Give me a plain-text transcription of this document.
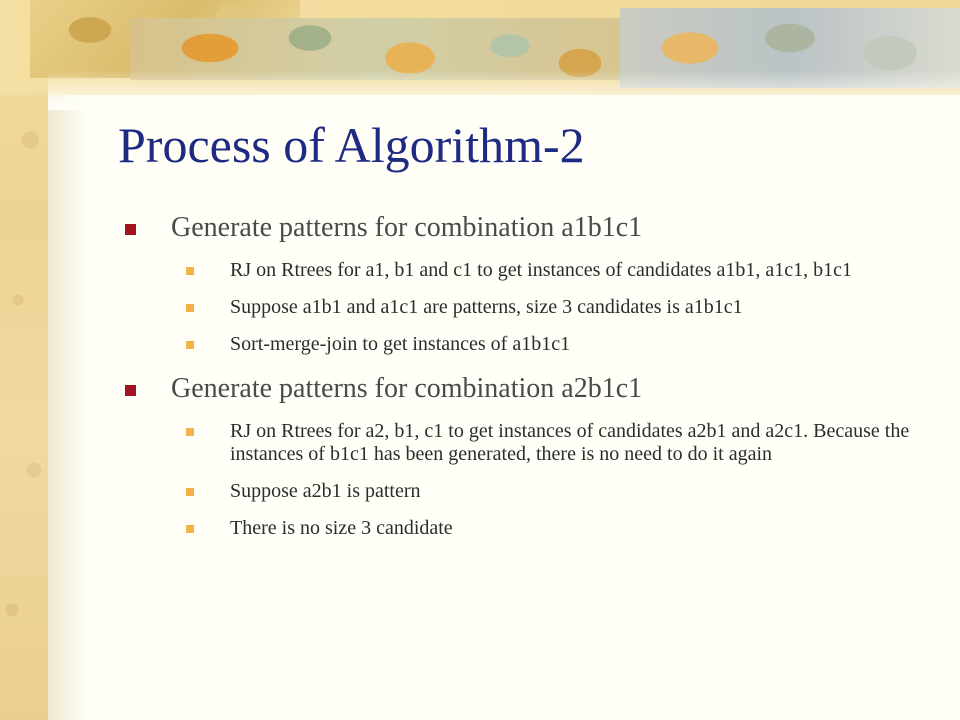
Process of Algorithm-2
Generate patterns for combination a1b1c1
RJ on Rtrees for a1, b1 and c1 to get instances of candidates a1b1, a1c1, b1c1
Suppose a1b1 and a1c1 are patterns, size 3 candidates is a1b1c1
Sort-merge-join to get instances of a1b1c1
Generate patterns for combination a2b1c1
RJ on Rtrees for a2, b1, c1 to get instances of candidates a2b1 and a2c1. Because the instances of b1c1 has been generated, there is no need to do it again
Suppose a2b1 is pattern
There is no size 3 candidate
